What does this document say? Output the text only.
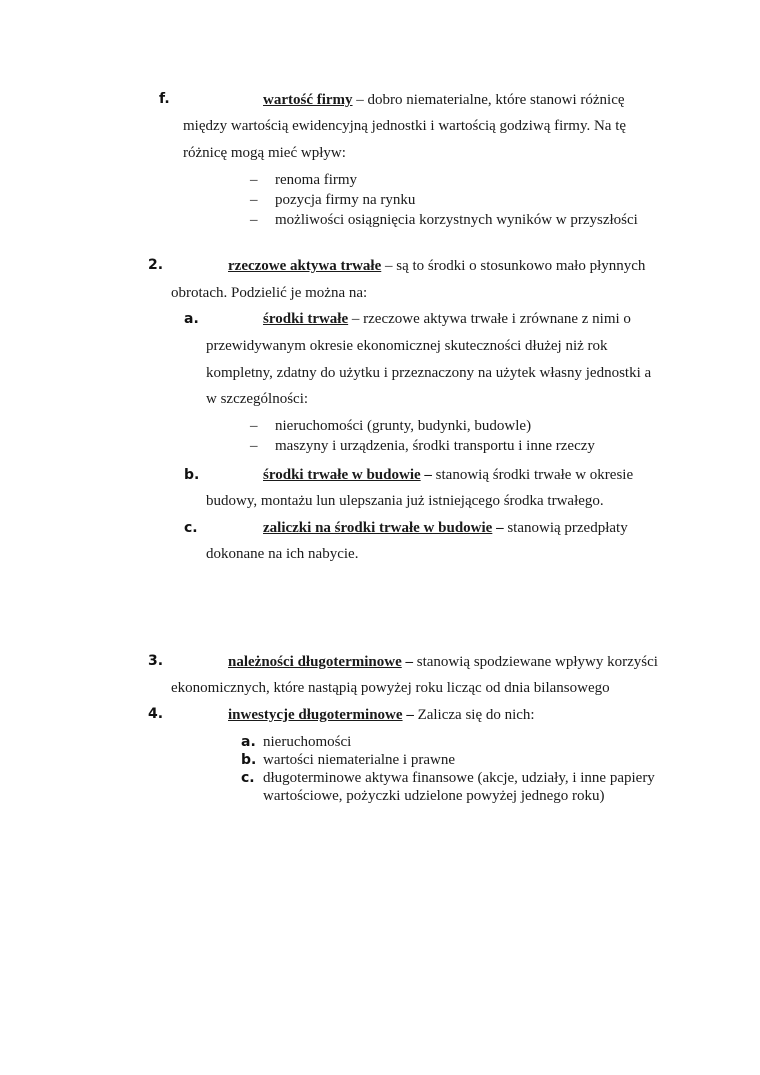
f.	wartość firmy – dobro niematerialne, które stanowi różnicę
między wartością ewidencyjną jednostki i wartością godziwą firmy. Na tę
różnicę mogą mieć wpływ:
– renoma firmy
– pozycja firmy na rynku
– możliwości osiągnięcia korzystnych wyników w przyszłości
2.	rzeczowe aktywa trwałe – są to środki o stosunkowo mało płynnych
obrotach. Podzielić je można na:
a.	środki trwałe – rzeczowe aktywa trwałe i zrównane z nimi o
przewidywanym okresie ekonomicznej skuteczności dłużej niż rok
kompletny, zdatny do użytku i przeznaczony na użytek własny jednostki a
w szczególności:
– nieruchomości (grunty, budynki, budowle)
– maszyny i urządzenia, środki transportu i inne rzeczy
b.	środki trwałe w budowie – stanowią środki trwałe w okresie
budowy, montażu lun ulepszania już istniejącego środka trwałego.
c.	zaliczki na środki trwałe w budowie – stanowią przedpłaty
dokonane na ich nabycie.
3.	należności długoterminowe – stanowią spodziewane wpływy korzyści
ekonomicznych, które nastąpią powyżej roku licząc od dnia bilansowego
4.	inwestycje długoterminowe – Zalicza się do nich:
a. nieruchomości
b. wartości niematerialne i prawne
c. długoterminowe aktywa finansowe (akcje, udziały, i inne papiery
wartościowe, pożyczki udzielone powyżej jednego roku)
